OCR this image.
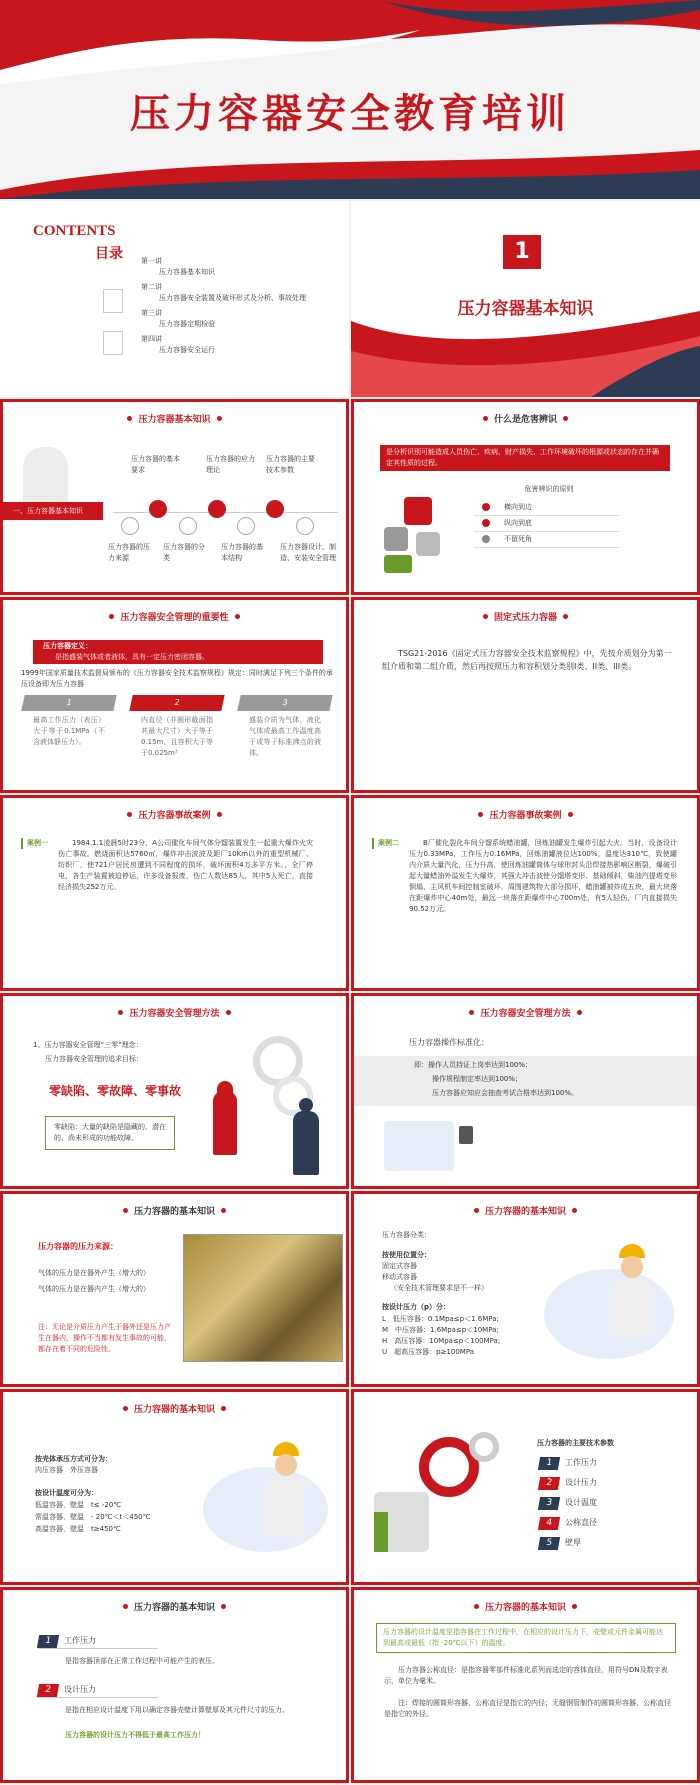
压力容器安全教育培训
CONTENTS
目录	第一讲
压力容器基本知识
第二讲
压力容器安全装置及破坏形式及分析、事故处理
第三讲
压力容器定期检验
第四讲
压力容器安全运行
1
压力容器基本知识
压力容器基本知识
一、压力容器基本知识
压力容器的基本要求
压力容器的应力理论
压力容器的主要技术参数
压力容器的压力来源
压力容器的分类
压力容器的基本结构
压力容器设计、制造、安装安全管理
什么是危害辨识
是分析识别可能造成人员伤亡、疾病、财产损失、工作环境破坏的根源或状态的存在并确定其性质的过程。
危害辨识的原则
横向到边
纵向到底
不留死角
压力容器安全管理的重要性
压力容器定义：
是指盛装气体或者液体，具有一定压力密闭容器。
1999年国家质量技术监督局颁布的《压力容器安全技术监察规程》规定：同时满足下列三个条件的承压设备即为压力容器
1
最高工作压力（表压）大于等于0.1MPa（不含液体静压力）。
2
内直径（非圆形截面指其最大尺寸）大于等于0.15m，且容积大于等于0.025m³
3
盛装介质为气体、液化气体或最高工作温度高于或等于标准沸点的液体。
固定式压力容器
TSG21-2016《固定式压力容器安全技术监察规程》中，先按介质划分为第一组介质和第二组介质，然后再按照压力和容积划分类别I类、II类、III类。
压力容器事故案例
案例一	1984.1.1凌晨5时23分，A公司催化车间气体分馏装置发生一起重大爆炸火灾伤亡事故。燃烧面积达5760㎡，爆炸冲击波波及距厂10Km以外的重型机械厂、纺织厂，使721户居民房遭到不同程度的损坏，破坏面积4万多平方米。，全厂停电，各生产装置被迫停运，许多设备报废，伤亡人数达85人，其中5人死亡，直接经济损失252万元。
压力容器事故案例
案例二	B厂催化裂化车间分馏系统蜡油罐，回炼油罐发生爆炸引起大火。当时，设备设计压力0.33MPa，工作压力0.16MPa，回炼油罐液位达100%，温度达310℃，致使罐内介质大量汽化，压力升高，使回炼油罐筒体与球形封头沿焊接热影响区断裂，爆破引起大量蜡油外溢发生大爆炸，其强大冲击波使分馏塔变形、基础倾斜，柴油汽提塔变形倒塌，主风机车间控制室破坏、周围建筑物大部分损坏，蜡油罐被炸成五块，最大块落在距爆炸中心40m处，最远一块落在距爆炸中心700m处，有5人轻伤，厂内直接损失90.52万元。
压力容器安全管理方法
1、压力容器安全管理“三零”理念：
压力容器安全管理的追求目标：
零缺陷、零故障、零事故
零缺陷：大量的缺陷是隐藏的、潜在的、尚未形成的功能故障。
压力容器安全管理方法
压力容器操作标准化：
即：操作人员持证上岗率达到100%；
操作规程制定率达到100%；
压力容器应知应会抽查考试合格率达到100%。
压力容器的基本知识
压力容器的压力来源：
气体的压力是在器外产生（增大的）
气体的压力是在器内产生（增大的）
注：无论是介质压力产生于器外还是压力产生在器内，操作不当都有发生事故的可能，都存在着不同的危险性。
压力容器的基本知识
压力容器分类：
按使用位置分：
固定式容器
移动式容器
（安全技术管理要求是不一样）
按设计压力（p）分：
L　低压容器：0.1Mpa≤p＜1.6MPa;
M　中压容器：1.6Mpa≤p＜10MPa;
H　高压容器：10Mpa≤p＜100MPa;
U　超高压容器：p≥100MPa
压力容器的基本知识
按壳体承压方式可分为：
内压容器　外压容器
按设计温度可分为：
低温容器，壁温　t≤ -20℃
常温容器，壁温　- 20℃＜t＜450℃
高温容器，壁温　t≥450℃
压力容器的主要技术参数
1 工作压力
2 设计压力
3 设计温度
4 公称直径
5 壁厚
压力容器的基本知识
1 工作压力
是指容器顶部在正常工作过程中可能产生的表压。
2 设计压力
是指在相应设计温度下用以确定容器壳壁计算壁厚及其元件尺寸的压力。
压力容器的设计压力不得低于最高工作压力！
压力容器的基本知识
压力容器的设计温度是指容器在工作过程中，在相应的设计压力下，壳壁或元件金属可能达到最高或最低（指 -20℃以下）的温度。
压力容器公称直径：是指容器零部件标准化系列而选定的容体直径，用符号DN及数字表示，单位为毫米。
注：焊接的圆筒形容器，公称直径是指它的内径；无缝钢管制作的圆筒形容器，公称直径是指它的外径。
